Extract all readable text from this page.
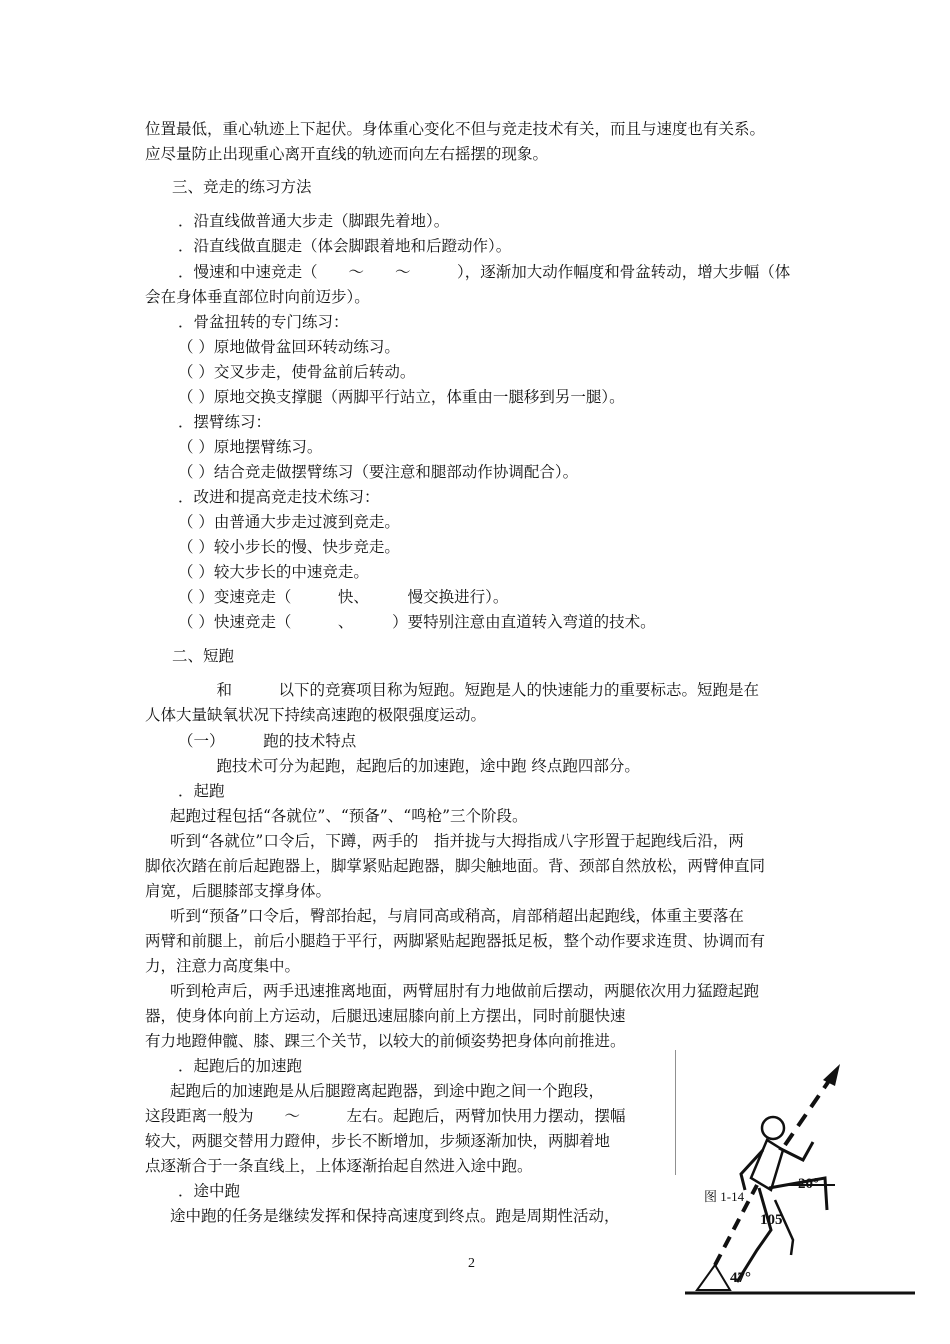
位置最低，重心轨迹上下起伏。身体重心变化不但与竞走技术有关，而且与速度也有关系。
应尽量防止出现重心离开直线的轨迹而向左右摇摆的现象。
三、竞走的练习方法
．沿直线做普通大步走（脚跟先着地）。
．沿直线做直腿走（体会脚跟着地和后蹬动作）。
．慢速和中速竞走（　　～　　～　　　），逐渐加大动作幅度和骨盆转动，增大步幅（体
会在身体垂直部位时向前迈步）。
．骨盆扭转的专门练习：
（ ）原地做骨盆回环转动练习。
（ ）交叉步走，使骨盆前后转动。
（ ）原地交换支撑腿（两脚平行站立，体重由一腿移到另一腿）。
．摆臂练习：
（ ）原地摆臂练习。
（ ）结合竞走做摆臂练习（要注意和腿部动作协调配合）。
．改进和提高竞走技术练习：
（ ）由普通大步走过渡到竞走。
（ ）较小步长的慢、快步竞走。
（ ）较大步长的中速竞走。
（ ）变速竞走（　　　快、　　　慢交换进行）。
（ ）快速竞走（　　　、　　　）要特别注意由直道转入弯道的技术。
二、短跑
　　　和　　　以下的竞赛项目称为短跑。短跑是人的快速能力的重要标志。短跑是在
人体大量缺氧状况下持续高速跑的极限强度运动。
（一）　　　跑的技术特点
　　　跑技术可分为起跑，起跑后的加速跑，途中跑 终点跑四部分。
．起跑
起跑过程包括“各就位”、“预备”、“鸣枪”三个阶段。
听到“各就位”口令后，下蹲，两手的　指并拢与大拇指成八字形置于起跑线后沿，两
脚依次踏在前后起跑器上，脚掌紧贴起跑器，脚尖触地面。背、颈部自然放松，两臂伸直同
肩宽，后腿膝部支撑身体。
听到“预备”口令后，臀部抬起，与肩同高或稍高，肩部稍超出起跑线，体重主要落在
两臂和前腿上，前后小腿趋于平行，两脚紧贴起跑器抵足板，整个动作要求连贯、协调而有
力，注意力高度集中。
听到枪声后，两手迅速推离地面，两臂屈肘有力地做前后摆动，两腿依次用力猛蹬起跑
器，使身体向前上方运动，后腿迅速屈膝向前上方摆出，同时前腿快速
有力地蹬伸髋、膝、踝三个关节，以较大的前倾姿势把身体向前推进。
．起跑后的加速跑
起跑后的加速跑是从后腿蹬离起跑器，到途中跑之间一个跑段，
这段距离一般为　　～　　　左右。起跑后，两臂加快用力摆动，摆幅
较大，两腿交替用力蹬伸，步长不断增加，步频逐渐加快，两脚着地
点逐渐合于一条直线上，上体逐渐抬起自然进入途中跑。
．途中跑
途中跑的任务是继续发挥和保持高速度到终点。跑是周期性活动，
图 1-14
20°
105
47°
2
